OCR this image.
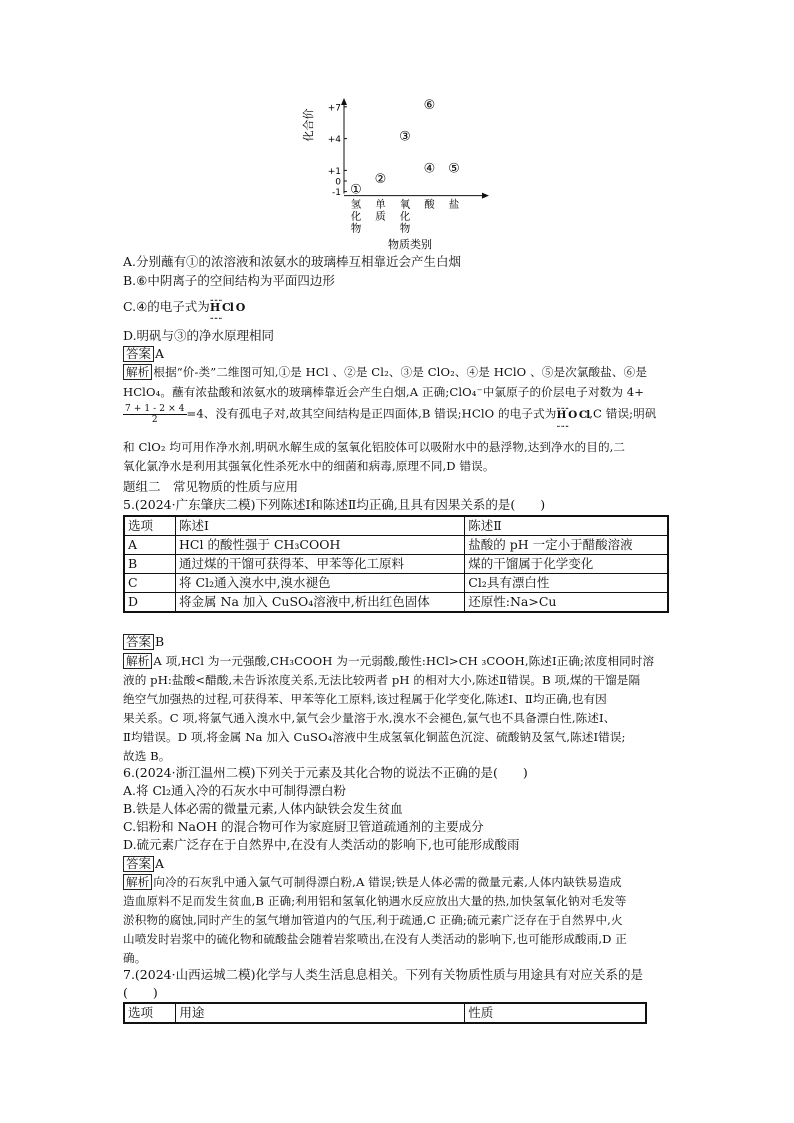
化合价
+7
+4
+1
0
-1
氢化物
单质
氧化物
酸 盐
①
②
③
④ ⑤
⑥
物质类别
A.分别蘸有①的浓溶液和浓氨水的玻璃棒互相靠近会产生白烟
B.⑥中阴离子的空间结构为平面四边形
C.④的电子式为·· ·· ·· H Cl O ·· ·· ··
D.明矾与③的净水原理相同
答案 A
解析 根据“价-类”二维图可知,①是 HCl 、②是 Cl₂、③是 ClO₂、④是 HClO 、⑤是次氯酸盐、⑥是
HClO₄。蘸有浓盐酸和浓氨水的玻璃棒靠近会产生白烟,A 正确;ClO₄⁻中氯原子的价层电子对数为 4+
$\frac{7 + 1 - 2 \times 4}{2} =4$、没有孤电子对,故其空间结构是正四面体,B 错误;HClO 的电子式为·· ·· ·· H O Cl ·· ·· ··,C 错误;明矾
和 ClO₂ 均可用作净水剂,明矾水解生成的氢氧化铝胶体可以吸附水中的悬浮物,达到净水的目的,二
氧化氯净水是利用其强氧化性杀死水中的细菌和病毒,原理不同,D 错误。
题组二　常见物质的性质与应用
5.(2024·广东肇庆二模)下列陈述Ⅰ和陈述Ⅱ均正确,且具有因果关系的是(　　)
选项	陈述Ⅰ	陈述Ⅱ
A	HCl 的酸性强于 CH₃COOH	盐酸的 pH 一定小于醋酸溶液
B	通过煤的干馏可获得苯、甲苯等化工原料	煤的干馏属于化学变化
C	将 Cl₂通入溴水中,溴水褪色	Cl₂具有漂白性
D	将金属 Na 加入 CuSO₄溶液中,析出红色固体	还原性:Na>Cu
答案 B
解析 A 项,HCl 为一元强酸,CH₃COOH 为一元弱酸,酸性:HCl>CH ₃COOH,陈述Ⅰ正确;浓度相同时溶
液的 pH:盐酸<醋酸,未告诉浓度关系,无法比较两者 pH 的相对大小,陈述Ⅱ错误。B 项,煤的干馏是隔
绝空气加强热的过程,可获得苯、甲苯等化工原料,该过程属于化学变化,陈述Ⅰ、Ⅱ均正确,也有因
果关系。C 项,将氯气通入溴水中,氯气会少量溶于水,溴水不会褪色,氯气也不具备漂白性,陈述Ⅰ、
Ⅱ均错误。D 项,将金属 Na 加入 CuSO₄溶液中生成氢氧化铜蓝色沉淀、硫酸钠及氢气,陈述Ⅰ错误;
故选 B。
6.(2024·浙江温州二模)下列关于元素及其化合物的说法不正确的是(　　)
A.将 Cl₂通入冷的石灰水中可制得漂白粉
B.铁是人体必需的微量元素,人体内缺铁会发生贫血
C.铝粉和 NaOH 的混合物可作为家庭厨卫管道疏通剂的主要成分
D.硫元素广泛存在于自然界中,在没有人类活动的影响下,也可能形成酸雨
答案 A
解析 向冷的石灰乳中通入氯气可制得漂白粉,A 错误;铁是人体必需的微量元素,人体内缺铁易造成
造血原料不足而发生贫血,B 正确;利用铝和氢氧化钠遇水反应放出大量的热,加快氢氧化钠对毛发等
淤积物的腐蚀,同时产生的氢气增加管道内的气压,利于疏通,C 正确;硫元素广泛存在于自然界中,火
山喷发时岩浆中的硫化物和硫酸盐会随着岩浆喷出,在没有人类活动的影响下,也可能形成酸雨,D 正
确。
7.(2024·山西运城二模)化学与人类生活息息相关。下列有关物质性质与用途具有对应关系的是
(　　)
选项	用途	性质
